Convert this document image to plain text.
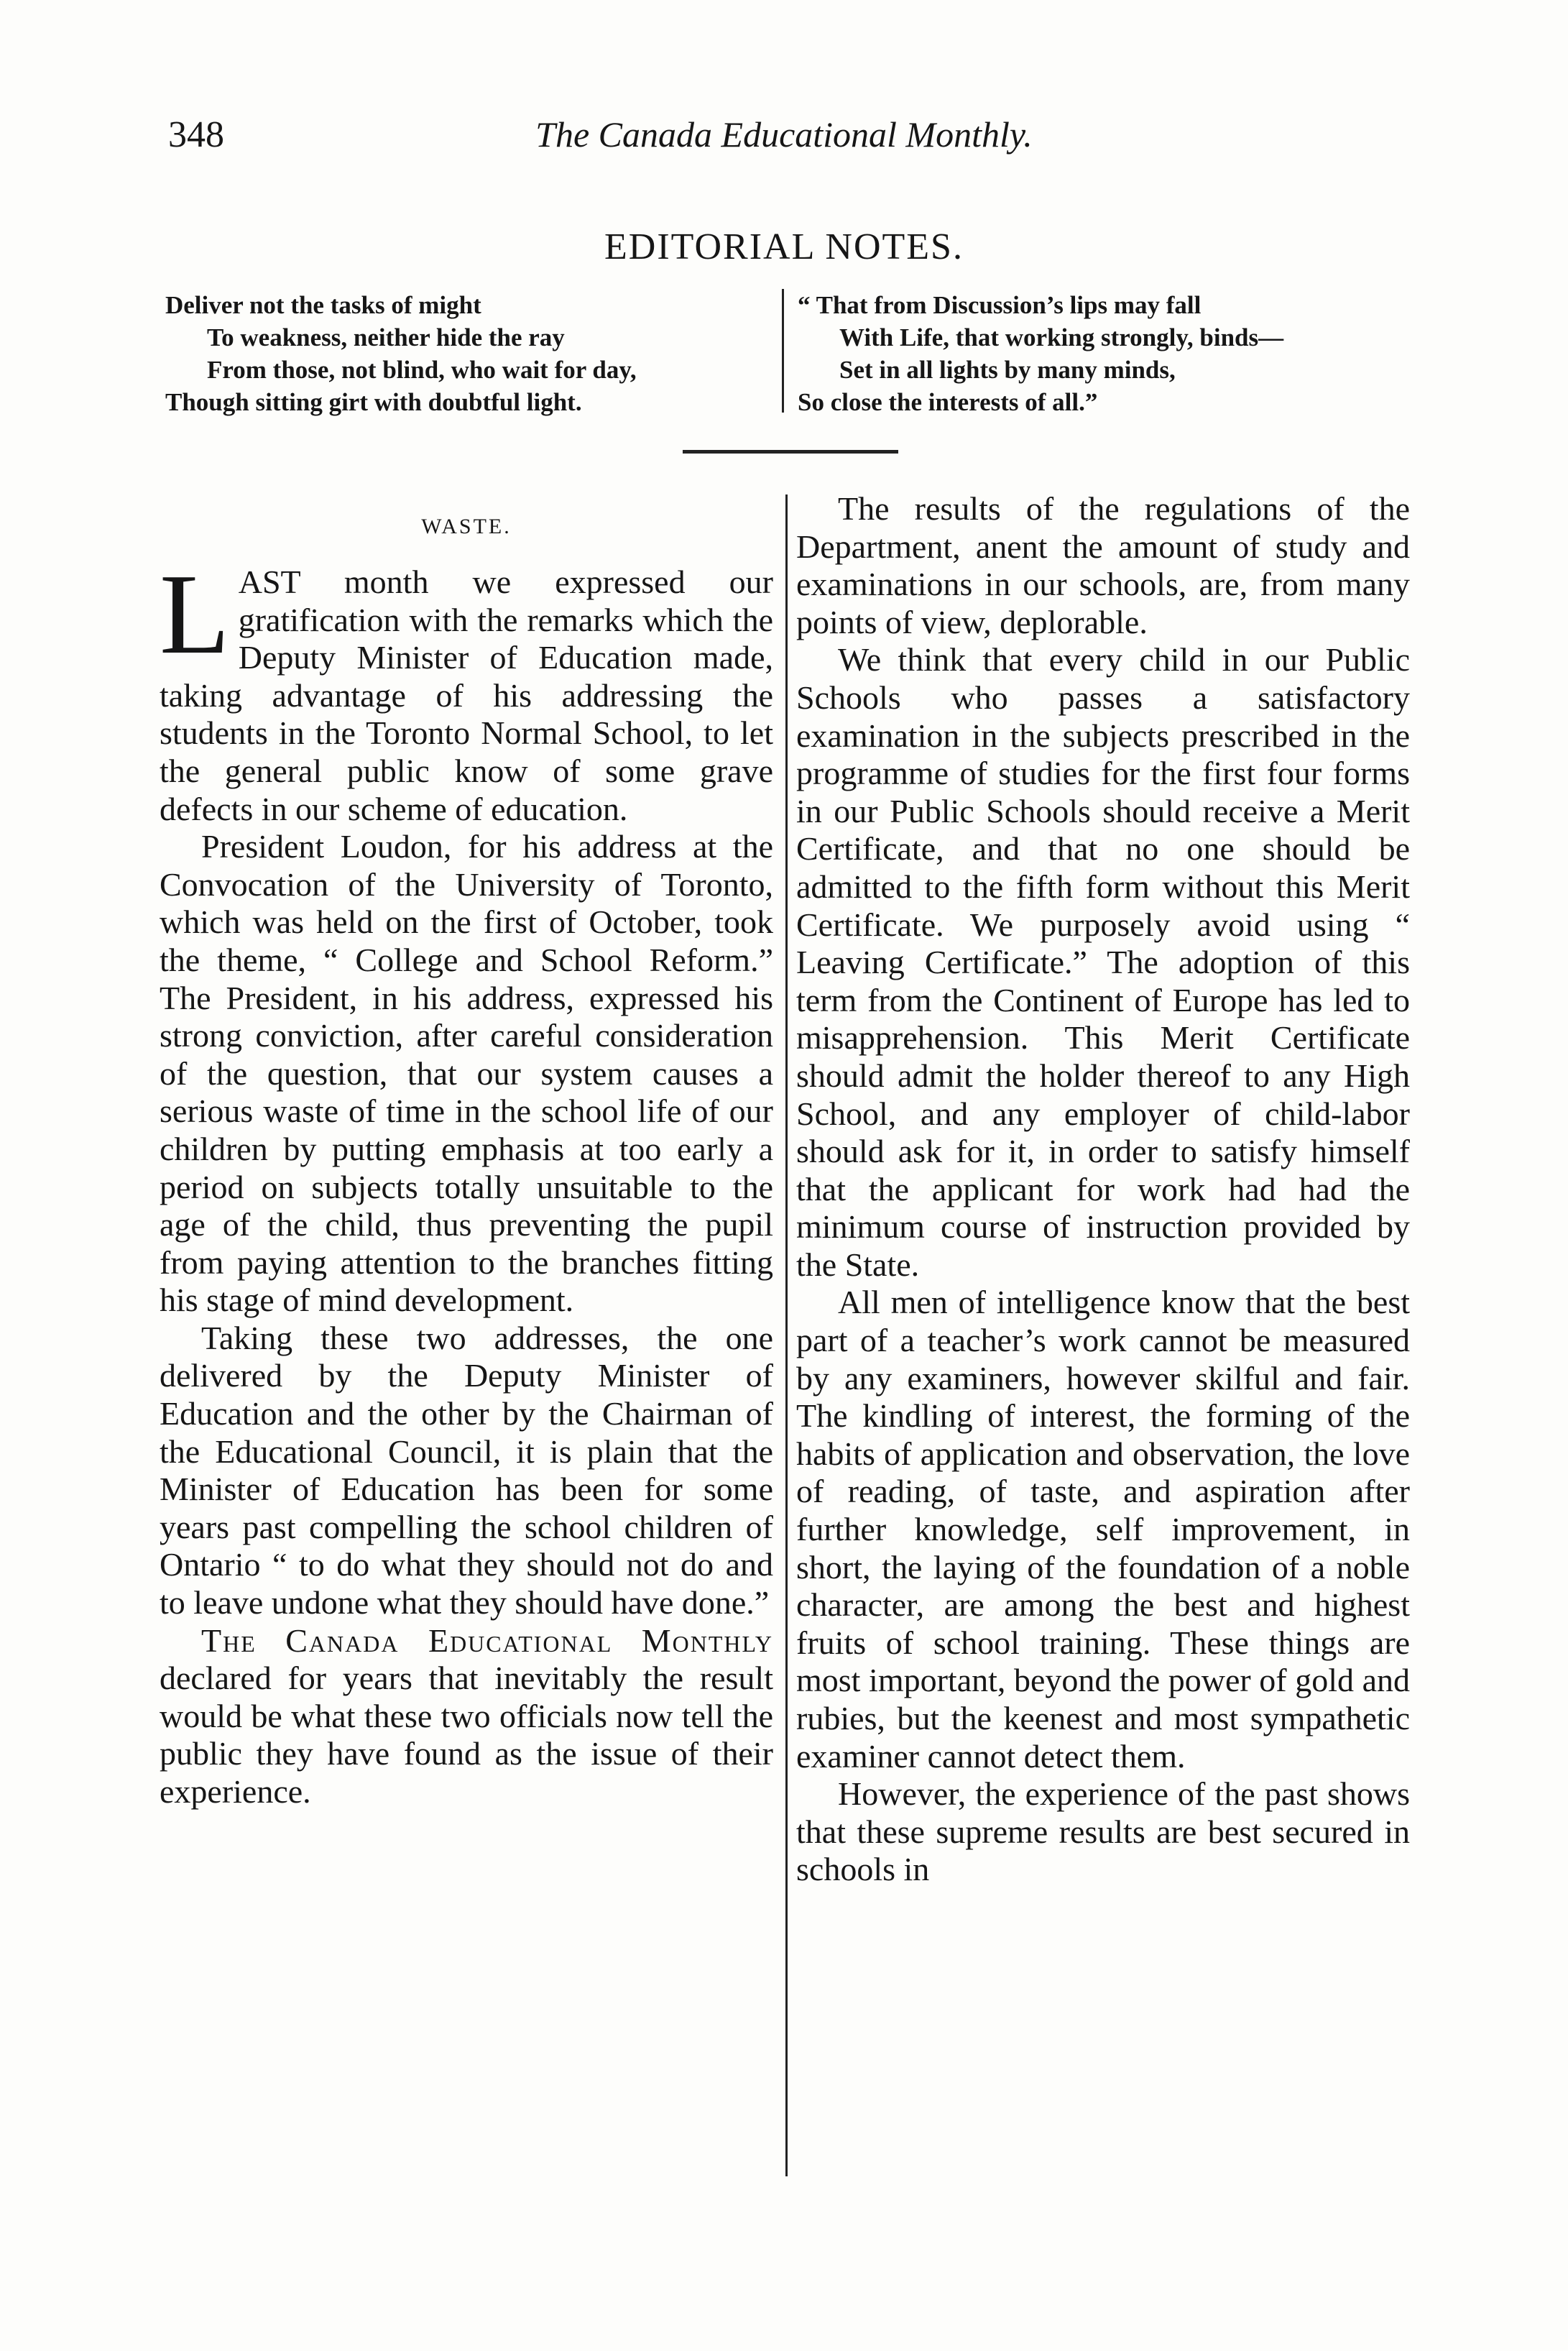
348	The Canada Educational Monthly.
EDITORIAL NOTES.
Deliver not the tasks of might
To weakness, neither hide the ray
From those, not blind, who wait for day,
Though sitting girt with doubtful light.
“ That from Discussion’s lips may fall
With Life, that working strongly, binds—
Set in all lights by many minds,
So close the interests of all.”
WASTE.

LAST month we expressed our gratification with the remarks which the Deputy Minister of Education made, taking advantage of his addressing the students in the Toronto Normal School, to let the general public know of some grave defects in our scheme of education.

President Loudon, for his address at the Convocation of the University of Toronto, which was held on the first of October, took the theme, “ College and School Reform.” The President, in his address, expressed his strong conviction, after careful consideration of the question, that our system causes a serious waste of time in the school life of our children by putting emphasis at too early a period on subjects totally unsuitable to the age of the child, thus preventing the pupil from paying attention to the branches fitting his stage of mind development.

Taking these two addresses, the one delivered by the Deputy Minister of Education and the other by the Chairman of the Educational Council, it is plain that the Minister of Education has been for some years past compelling the school children of Ontario “ to do what they should not do and to leave undone what they should have done.”

The Canada Educational Monthly declared for years that inevitably the result would be what these two officials now tell the public they have found as the issue of their experience.

The results of the regulations of the Department, anent the amount of study and examinations in our schools, are, from many points of view, deplorable.

We think that every child in our Public Schools who passes a satisfactory examination in the subjects prescribed in the programme of studies for the first four forms in our Public Schools should receive a Merit Certificate, and that no one should be admitted to the fifth form without this Merit Certificate. We purposely avoid using “ Leaving Certificate.” The adoption of this term from the Continent of Europe has led to misapprehension. This Merit Certificate should admit the holder thereof to any High School, and any employer of child-labor should ask for it, in order to satisfy himself that the applicant for work had had the minimum course of instruction provided by the State.

All men of intelligence know that the best part of a teacher’s work cannot be measured by any examiners, however skilful and fair. The kindling of interest, the forming of the habits of application and observation, the love of reading, of taste, and aspiration after further knowledge, self improvement, in short, the laying of the foundation of a noble character, are among the best and highest fruits of school training. These things are most important, beyond the power of gold and rubies, but the keenest and most sympathetic examiner cannot detect them.

However, the experience of the past shows that these supreme results are best secured in schools in
